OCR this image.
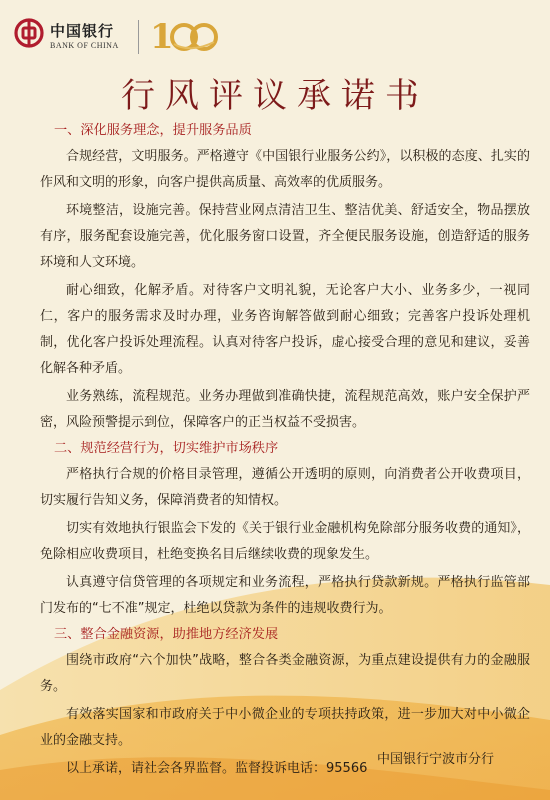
中国银行
BANK OF CHINA 1
行风评议承诺书
一、深化服务理念，提升服务品质

合规经营，文明服务。严格遵守《中国银行业服务公约》，以积极的态度、扎实的作风和文明的形象，向客户提供高质量、高效率的优质服务。

环境整洁，设施完善。保持营业网点清洁卫生、整洁优美、舒适安全，物品摆放有序，服务配套设施完善，优化服务窗口设置，齐全便民服务设施，创造舒适的服务环境和人文环境。

耐心细致，化解矛盾。对待客户文明礼貌，无论客户大小、业务多少，一视同仁，客户的服务需求及时办理，业务咨询解答做到耐心细致；完善客户投诉处理机制，优化客户投诉处理流程。认真对待客户投诉，虚心接受合理的意见和建议，妥善化解各种矛盾。

业务熟练，流程规范。业务办理做到准确快捷，流程规范高效，账户安全保护严密，风险预警提示到位，保障客户的正当权益不受损害。

二、规范经营行为，切实维护市场秩序

严格执行合规的价格目录管理，遵循公开透明的原则，向消费者公开收费项目，切实履行告知义务，保障消费者的知情权。

切实有效地执行银监会下发的《关于银行业金融机构免除部分服务收费的通知》，免除相应收费项目，杜绝变换名目后继续收费的现象发生。

认真遵守信贷管理的各项规定和业务流程，严格执行贷款新规。严格执行监管部门发布的“七不准”规定，杜绝以贷款为条件的违规收费行为。

三、整合金融资源，助推地方经济发展

围绕市政府“六个加快”战略，整合各类金融资源，为重点建设提供有力的金融服务。

有效落实国家和市政府关于中小微企业的专项扶持政策，进一步加大对中小微企业的金融支持。

以上承诺，请社会各界监督。监督投诉电话：95566

中国银行宁波市分行
